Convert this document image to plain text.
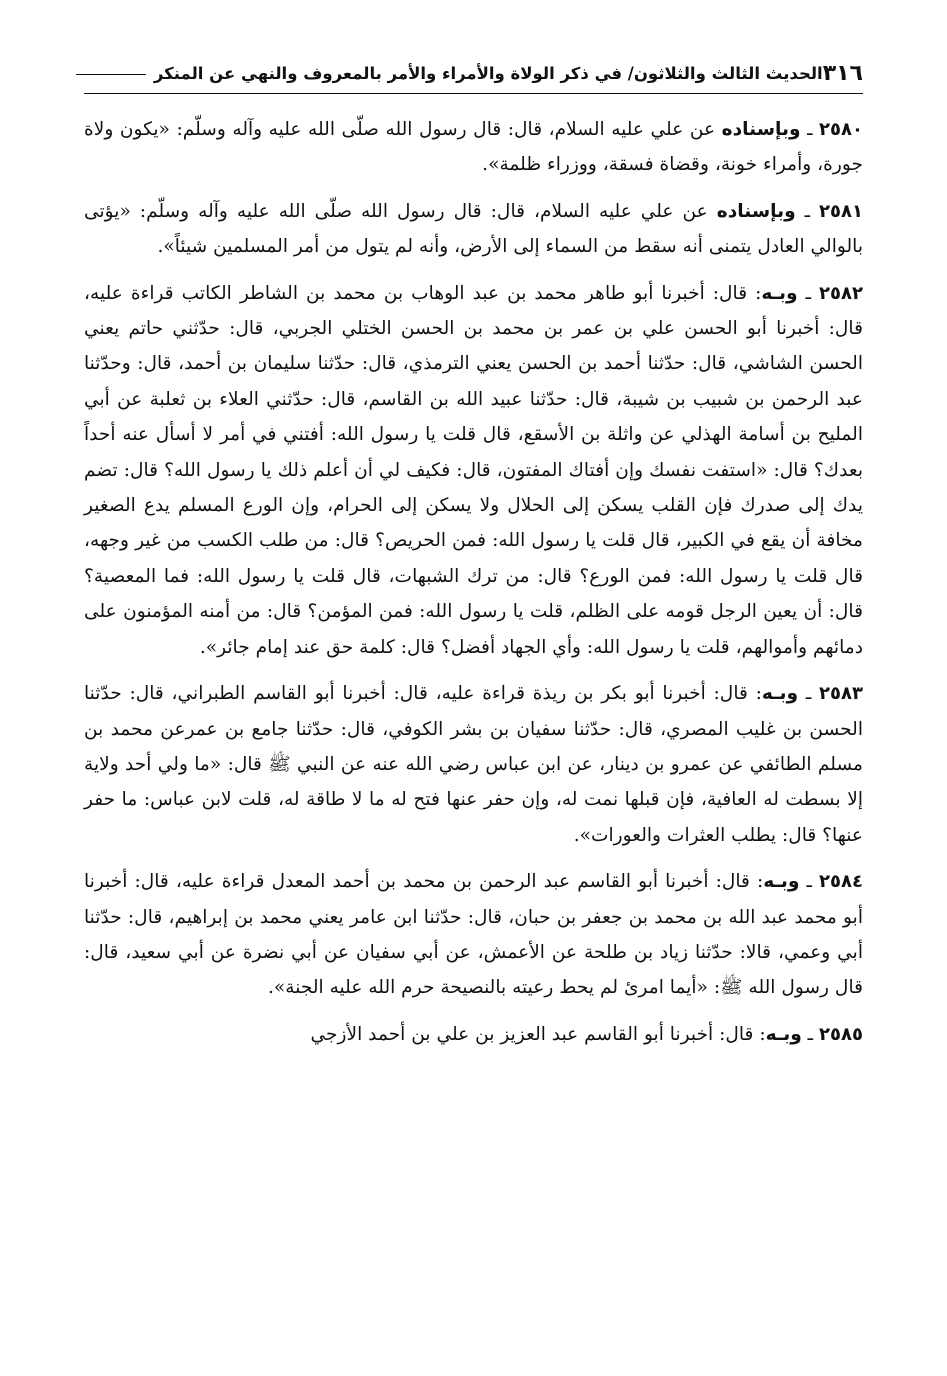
٣١٦
الحديث الثالث والثلاثون/ في ذكر الولاة والأمراء والأمر بالمعروف والنهي عن المنكر

٢٥٨٠ ـ وبإسناده عن علي عليه السلام، قال: قال رسول الله صلّى الله عليه وآله وسلّم: «يكون ولاة جورة، وأمراء خونة، وقضاة فسقة، ووزراء ظلمة».

٢٥٨١ ـ وبإسناده عن علي عليه السلام، قال: قال رسول الله صلّى الله عليه وآله وسلّم: «يؤتى بالوالي العادل يتمنى أنه سقط من السماء إلى الأرض، وأنه لم يتول من أمر المسلمين شيئاً».

٢٥٨٢ ـ وبـه: قال: أخبرنا أبو طاهر محمد بن عبد الوهاب بن محمد بن الشاطر الكاتب قراءة عليه، قال: أخبرنا أبو الحسن علي بن عمر بن محمد بن الحسن الختلي الجربي، قال: حدّثني حاتم يعني الحسن الشاشي، قال: حدّثنا أحمد بن الحسن يعني الترمذي، قال: حدّثنا سليمان بن أحمد، قال: وحدّثنا عبد الرحمن بن شبيب بن شيبة، قال: حدّثنا عبيد الله بن القاسم، قال: حدّثني العلاء بن ثعلبة عن أبي المليح بن أسامة الهذلي عن واثلة بن الأسقع، قال قلت يا رسول الله: أفتني في أمر لا أسأل عنه أحداً بعدك؟ قال: «استفت نفسك وإن أفتاك المفتون، قال: فكيف لي أن أعلم ذلك يا رسول الله؟ قال: تضم يدك إلى صدرك فإن القلب يسكن إلى الحلال ولا يسكن إلى الحرام، وإن الورع المسلم يدع الصغير مخافة أن يقع في الكبير، قال قلت يا رسول الله: فمن الحريص؟ قال: من طلب الكسب من غير وجهه، قال قلت يا رسول الله: فمن الورع؟ قال: من ترك الشبهات، قال قلت يا رسول الله: فما المعصية؟ قال: أن يعين الرجل قومه على الظلم، قلت يا رسول الله: فمن المؤمن؟ قال: من أمنه المؤمنون على دمائهم وأموالهم، قلت يا رسول الله: وأي الجهاد أفضل؟ قال: كلمة حق عند إمام جائر».

٢٥٨٣ ـ وبـه: قال: أخبرنا أبو بكر بن ريذة قراءة عليه، قال: أخبرنا أبو القاسم الطبراني، قال: حدّثنا الحسن بن غليب المصري، قال: حدّثنا سفيان بن بشر الكوفي، قال: حدّثنا جامع بن عمرعن محمد بن مسلم الطائفي عن عمرو بن دينار، عن ابن عباس رضي الله عنه عن النبي ﷺ قال: «ما ولي أحد ولاية إلا بسطت له العافية، فإن قبلها نمت له، وإن حفر عنها فتح له ما لا طاقة له، قلت لابن عباس: ما حفر عنها؟ قال: يطلب العثرات والعورات».

٢٥٨٤ ـ وبـه: قال: أخبرنا أبو القاسم عبد الرحمن بن محمد بن أحمد المعدل قراءة عليه، قال: أخبرنا أبو محمد عبد الله بن محمد بن جعفر بن حبان، قال: حدّثنا ابن عامر يعني محمد بن إبراهيم، قال: حدّثنا أبي وعمي، قالا: حدّثنا زياد بن طلحة عن الأعمش، عن أبي سفيان عن أبي نضرة عن أبي سعيد، قال: قال رسول الله ﷺ: «أيما امرئ لم يحط رعيته بالنصيحة حرم الله عليه الجنة».

٢٥٨٥ ـ وبـه: قال: أخبرنا أبو القاسم عبد العزيز بن علي بن أحمد الأزجي
